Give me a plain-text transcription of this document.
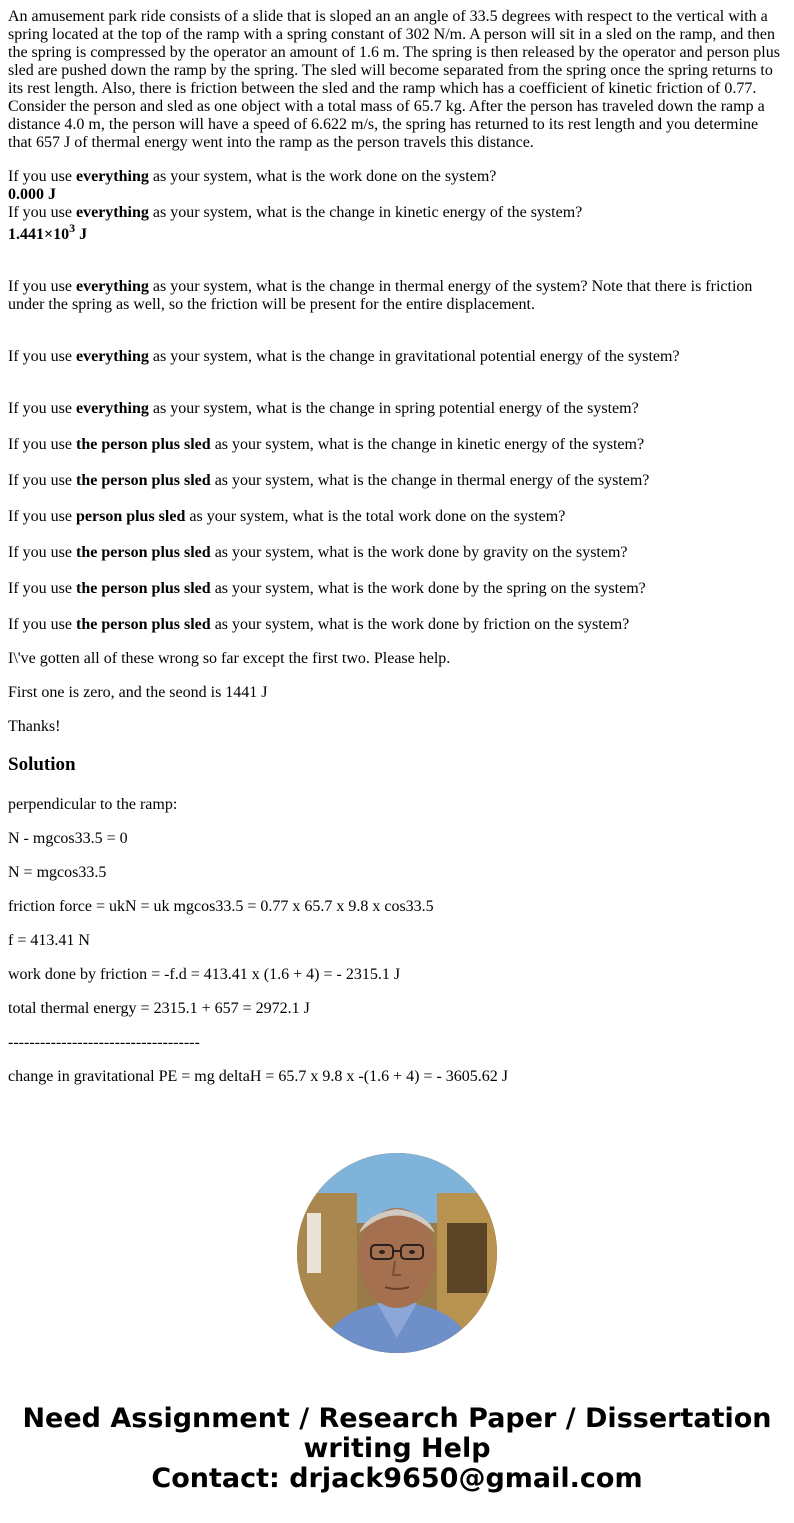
An amusement park ride consists of a slide that is sloped an an angle of 33.5 degrees with respect to the vertical with a spring located at the top of the ramp with a spring constant of 302 N/m. A person will sit in a sled on the ramp, and then the spring is compressed by the operator an amount of 1.6 m. The spring is then released by the operator and person plus sled are pushed down the ramp by the spring. The sled will become separated from the spring once the spring returns to its rest length. Also, there is friction between the sled and the ramp which has a coefficient of kinetic friction of 0.77. Consider the person and sled as one object with a total mass of 65.7 kg. After the person has traveled down the ramp a distance 4.0 m, the person will have a speed of 6.622 m/s, the spring has returned to its rest length and you determine that 657 J of thermal energy went into the ramp as the person travels this distance.

If you use everything as your system, what is the work done on the system?

0.000 J
If you use everything as your system, what is the change in kinetic energy of the system?
$1.441\times 10^3$ J

If you use everything as your system, what is the change in thermal energy of the system? Note that there is friction under the spring as well, so the friction will be present for the entire displacement.

If you use everything as your system, what is the change in gravitational potential energy of the system?

If you use everything as your system, what is the change in spring potential energy of the system?

If you use the person plus sled as your system, what is the change in kinetic energy of the system?

If you use the person plus sled as your system, what is the change in thermal energy of the system?

If you use person plus sled as your system, what is the total work done on the system?

If you use the person plus sled as your system, what is the work done by gravity on the system?

If you use the person plus sled as your system, what is the work done by the spring on the system?

If you use the person plus sled as your system, what is the work done by friction on the system?

I\'ve gotten all of these wrong so far except the first two. Please help.

First one is zero, and the seond is 1441 J

Thanks!

Solution

perpendicular to the ramp:

N - mgcos33.5 = 0

N = mgcos33.5

friction force = ukN = uk mgcos33.5 = 0.77 x 65.7 x 9.8 x cos33.5

f = 413.41 N

work done by friction = -f.d = 413.41 x (1.6 + 4) = - 2315.1 J

total thermal energy = 2315.1 + 657 = 2972.1 J

------------------------------------

change in gravitational PE = mg deltaH = 65.7 x 9.8 x -(1.6 + 4) = - 3605.62 J

Need Assignment / Research Paper / Dissertation
writing Help
Contact: drjack9650@gmail.com
